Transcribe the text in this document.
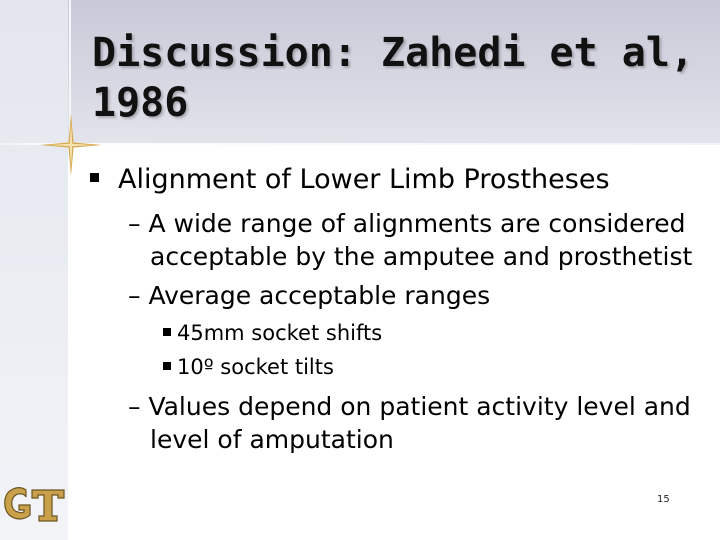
Discussion: Zahedi et al,
1986
Alignment of Lower Limb Prostheses
– A wide range of alignments are considered
acceptable by the amputee and prosthetist
– Average acceptable ranges
45mm socket shifts
10º socket tilts
– Values depend on patient activity level and
level of amputation
15
